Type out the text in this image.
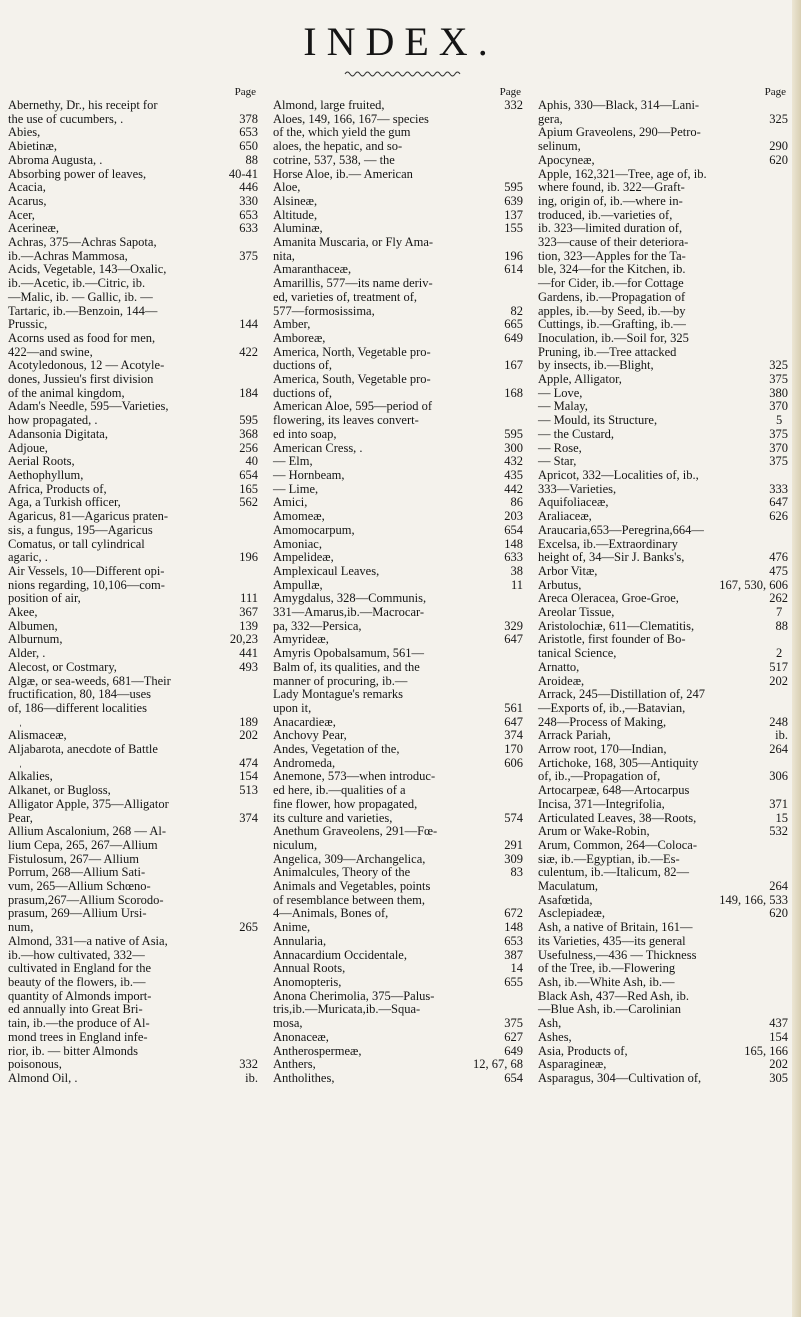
INDEX.
Page
Abernethy, Dr., his receipt for
the use of cucumbers, .	378
Abies,	653
Abietinæ,	650
Abroma Augusta, .	88
Absorbing power of leaves,	40-41
Acacia,	446
Acarus,	330
Acer,	653
Acerineæ,	633
Achras, 375—Achras Sapota,
ib.—Achras Mammosa,	375
Acids, Vegetable, 143—Oxalic,
ib.—Acetic, ib.—Citric, ib.
—Malic, ib. — Gallic, ib. —
Tartaric, ib.—Benzoin, 144—
Prussic,	144
Acorns used as food for men,
422—and swine,	422
Acotyledonous, 12 — Acotyle-
dones, Jussieu's first division
of the animal kingdom,	184
Adam's Needle, 595—Varieties,
how propagated, .	595
Adansonia Digitata,	368
Adjoue,	256
Aerial Roots,	40
Aethophyllum,	654
Africa, Products of,	165
Aga, a Turkish officer,	562
Agaricus, 81—Agaricus praten-
sis, a fungus, 195—Agaricus
Comatus, or tall cylindrical
agaric, .	196
Air Vessels, 10—Different opi-
nions regarding, 10,106—com-
position of air,	111
Akee,	367
Albumen,	139
Alburnum,	20,23
Alder, .	441
Alecost, or Costmary,	493
Algæ, or sea-weeds, 681—Their
fructification, 80, 184—uses
of, 186—different localities
189
Alismaceæ,	202
Aljabarota, anecdote of Battle
474
Alkalies,	154
Alkanet, or Bugloss,	513
Alligator Apple, 375—Alligator
Pear,	374
Allium Ascalonium, 268 — Al-
lium Cepa, 265, 267—Allium
Fistulosum, 267— Allium
Porrum, 268—Allium Sati-
vum, 265—Allium Schœno-
prasum,267—Allium Scorodo-
prasum, 269—Allium Ursi-
num,	265
Almond, 331—a native of Asia,
ib.—how cultivated, 332—
cultivated in England for the
beauty of the flowers, ib.—
quantity of Almonds import-
ed annually into Great Bri-
tain, ib.—the produce of Al-
mond trees in England infe-
rior, ib. — bitter Almonds
poisonous,	332
Almond Oil, .	ib.
Page
Almond, large fruited,	332
Aloes, 149, 166, 167— species
of the, which yield the gum
aloes, the hepatic, and so-
cotrine, 537, 538, — the
Horse Aloe, ib.— American
Aloe,	595
Alsineæ,	639
Altitude,	137
Aluminæ,	155
Amanita Muscaria, or Fly Ama-
nita,	196
Amaranthaceæ,	614
Amarillis, 577—its name deriv-
ed, varieties of, treatment of,
577—formosissima,	82
Amber,	665
Amboreæ,	649
America, North, Vegetable pro-
ductions of,	167
America, South, Vegetable pro-
ductions of,	168
American Aloe, 595—period of
flowering, its leaves convert-
ed into soap,	595
American Cress, .	300
— Elm,	432
— Hornbeam,	435
— Lime,	442
Amici,	86
Amomeæ,	203
Amomocarpum,	654
Amoniac,	148
Ampelideæ,	633
Amplexicaul Leaves,	38
Ampullæ,	11
Amygdalus, 328—Communis,
331—Amarus,ib.—Macrocar-
pa, 332—Persica,	329
Amyrideæ,	647
Amyris Opobalsamum, 561—
Balm of, its qualities, and the
manner of procuring, ib.—
Lady Montague's remarks
upon it,	561
Anacardieæ,	647
Anchovy Pear,	374
Andes, Vegetation of the,	170
Andromeda,	606
Anemone, 573—when introduc-
ed here, ib.—qualities of a
fine flower, how propagated,
its culture and varieties,	574
Anethum Graveolens, 291—Fœ-
niculum,	291
Angelica, 309—Archangelica,	309
Animalcules, Theory of the	83
Animals and Vegetables, points
of resemblance between them,
4—Animals, Bones of,	672
Anime,	148
Annularia,	653
Annacardium Occidentale,	387
Annual Roots,	14
Anomopteris,	655
Anona Cherimolia, 375—Palus-
tris,ib.—Muricata,ib.—Squa-
mosa,	375
Anonaceæ,	627
Antherospermeæ,	649
Anthers,	12, 67, 68
Antholithes,	654
Page
Aphis, 330—Black, 314—Lani-
gera,	325
Apium Graveolens, 290—Petro-
selinum,	290
Apocyneæ,	620
Apple, 162,321—Tree, age of, ib.
where found, ib. 322—Graft-
ing, origin of, ib.—where in-
troduced, ib.—varieties of,
ib. 323—limited duration of,
323—cause of their deteriora-
tion, 323—Apples for the Ta-
ble, 324—for the Kitchen, ib.
—for Cider, ib.—for Cottage
Gardens, ib.—Propagation of
apples, ib.—by Seed, ib.—by
Cuttings, ib.—Grafting, ib.—
Inoculation, ib.—Soil for, 325
Pruning, ib.—Tree attacked
by insects, ib.—Blight,	325
Apple, Alligator,	375
— Love,	380
— Malay,	370
— Mould, its Structure,	5
— the Custard,	375
— Rose,	370
— Star,	375
Apricot, 332—Localities of, ib.,
333—Varieties,	333
Aquifoliaceæ,	647
Araliaceæ,	626
Araucaria,653—Peregrina,664—
Excelsa, ib.—Extraordinary
height of, 34—Sir J. Banks's,	476
Arbor Vitæ,	475
Arbutus,	167, 530, 606
Areca Oleracea, Groe-Groe,	262
Areolar Tissue,	7
Aristolochiæ, 611—Clematitis,	88
Aristotle, first founder of Bo-
tanical Science,	2
Arnatto,	517
Aroideæ,	202
Arrack, 245—Distillation of, 247
—Exports of, ib.,—Batavian,
248—Process of Making,	248
Arrack Pariah,	ib.
Arrow root, 170—Indian,	264
Artichoke, 168, 305—Antiquity
of, ib.,—Propagation of,	306
Artocarpeæ, 648—Artocarpus
Incisa, 371—Integrifolia,	371
Articulated Leaves, 38—Roots,	15
Arum or Wake-Robin,	532
Arum, Common, 264—Coloca-
siæ, ib.—Egyptian, ib.—Es-
culentum, ib.—Italicum, 82—
Maculatum,	264
Asafœtida,	149, 166, 533
Asclepiadeæ,	620
Ash, a native of Britain, 161—
its Varieties, 435—its general
Usefulness,—436 — Thickness
of the Tree, ib.—Flowering
Ash, ib.—White Ash, ib.—
Black Ash, 437—Red Ash, ib.
—Blue Ash, ib.—Carolinian
Ash,	437
Ashes,	154
Asia, Products of,	165, 166
Asparagineæ,	202
Asparagus, 304—Cultivation of,	305
